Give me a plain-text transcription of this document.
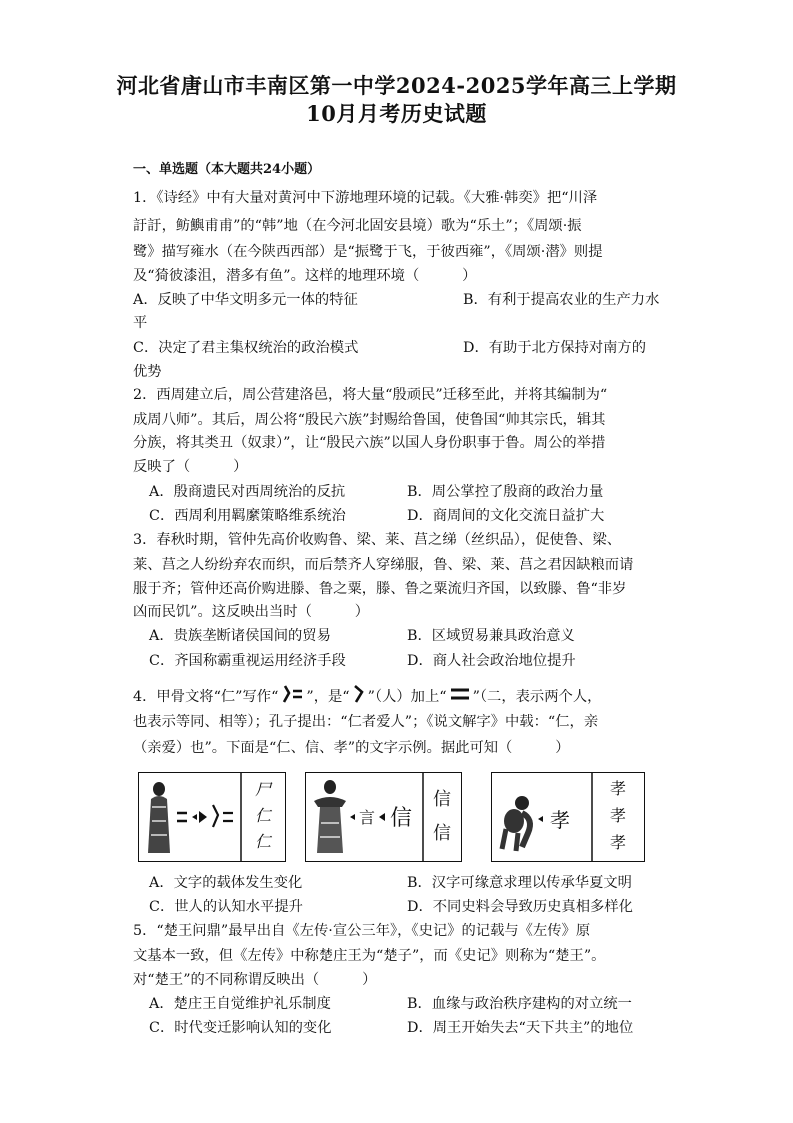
河北省唐山市丰南区第一中学2024-2025学年高三上学期
10月月考历史试题
一、单选题（本大题共24小题）
1．《诗经》中有大量对黄河中下游地理环境的记载。《大雅·韩奕》把“川泽
訏訏，鲂鱮甫甫”的“韩”地（在今河北固安县境）歌为“乐土”；《周颂·振
鹭》描写雍水（在今陕西西部）是“振鹭于飞，于彼西雍”，《周颂·潜》则提
及“猗彼漆沮，潜多有鱼”。这样的地理环境（　　　）
A．反映了中华文明多元一体的特征	B．有利于提高农业的生产力水
平
C．决定了君主集权统治的政治模式	D．有助于北方保持对南方的
优势
2．西周建立后，周公营建洛邑，将大量“殷顽民”迁移至此，并将其编制为“
成周八师”。其后，周公将“殷民六族”封赐给鲁国，使鲁国“帅其宗氏，辑其
分族，将其类丑（奴隶）”，让“殷民六族”以国人身份职事于鲁。周公的举措
反映了（　　　）
A．殷商遗民对西周统治的反抗	B．周公掌控了殷商的政治力量
C．西周利用羁縻策略维系统治	D．商周间的文化交流日益扩大
3．春秋时期，管仲先高价收购鲁、梁、莱、莒之绨（丝织品），促使鲁、梁、
莱、莒之人纷纷弃农而织，而后禁齐人穿绨服，鲁、梁、莱、莒之君因缺粮而请
服于齐；管仲还高价购进滕、鲁之粟，滕、鲁之粟流归齐国，以致滕、鲁“非岁
凶而民饥”。这反映出当时（　　　）
A．贵族垄断诸侯国间的贸易	B．区域贸易兼具政治意义
C．齐国称霸重视运用经济手段	D．商人社会政治地位提升
4．甲骨文将“仁”写作“ ”，是“ ”（人）加上“ ”（二，表示两个人，
也表示等同、相等）；孔子提出：“仁者爱人”；《说文解字》中载：“仁，亲
（亲爱）也”。下面是“仁、信、孝”的文字示例。据此可知（　　　）
尸
仁
仁
言 信
信
信
孝
孝
孝
孝
A．文字的载体发生变化	B．汉字可缘意求理以传承华夏文明
C．世人的认知水平提升	D．不同史料会导致历史真相多样化
5．“楚王问鼎”最早出自《左传·宣公三年》，《史记》的记载与《左传》原
文基本一致，但《左传》中称楚庄王为“楚子”，而《史记》则称为“楚王”。
对“楚王”的不同称谓反映出（　　　）
A．楚庄王自觉维护礼乐制度	B．血缘与政治秩序建构的对立统一
C．时代变迁影响认知的变化	D．周王开始失去“天下共主”的地位
